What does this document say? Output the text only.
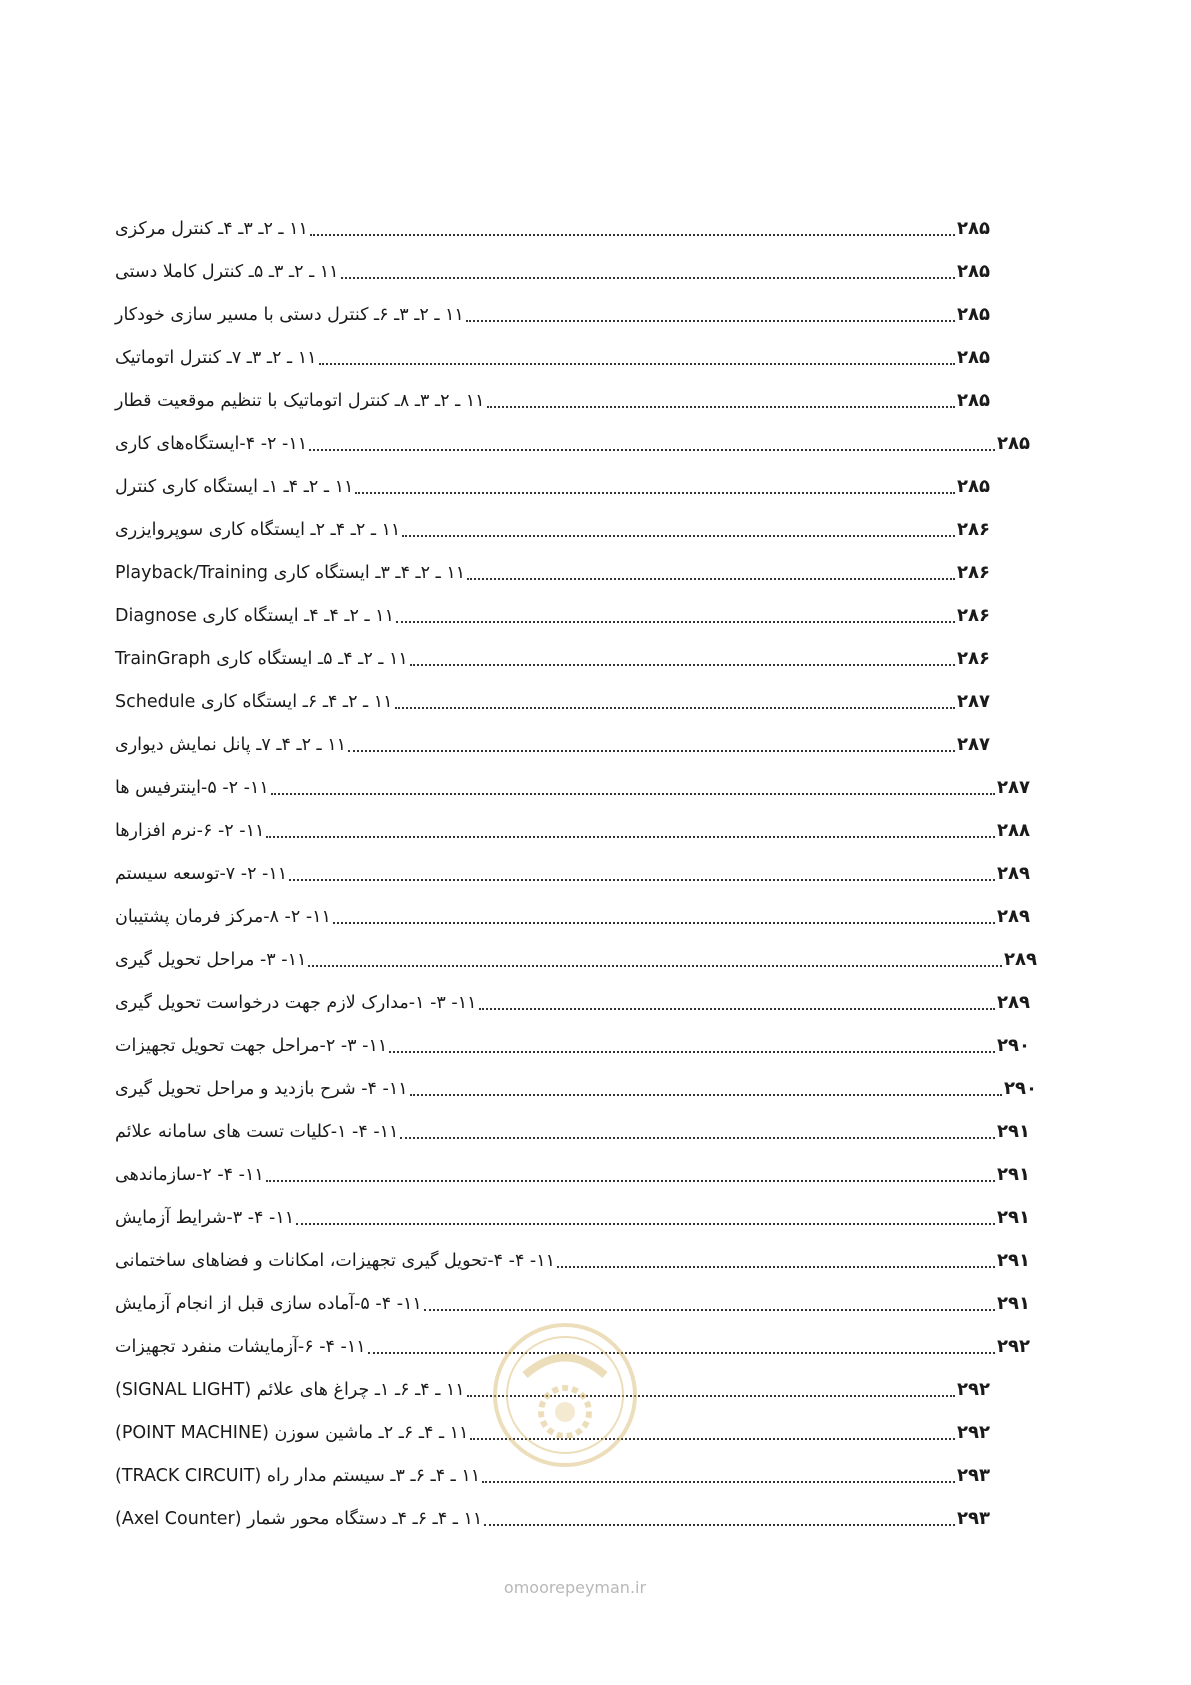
۱۱ ـ ۲ـ ۳ـ ۴ـ کنترل مرکزی	۲۸۵
۱۱ ـ ۲ـ ۳ـ ۵ـ کنترل کاملا دستی	۲۸۵
۱۱ ـ ۲ـ ۳ـ ۶ـ کنترل دستی با مسیر سازی خودکار	۲۸۵
۱۱ ـ ۲ـ ۳ـ ۷ـ کنترل اتوماتیک	۲۸۵
۱۱ ـ ۲ـ ۳ـ ۸ـ کنترل اتوماتیک با تنظیم موقعیت قطار	۲۸۵
۱۱- ۲- ۴-ایستگاه‌های کاری	۲۸۵
۱۱ ـ ۲ـ ۴ـ ۱ـ ایستگاه کاری کنترل	۲۸۵
۱۱ ـ ۲ـ ۴ـ ۲ـ ایستگاه کاری سوپروایزری	۲۸۶
۱۱ ـ ۲ـ ۴ـ ۳ـ ایستگاه کاری Playback/Training	۲۸۶
۱۱ ـ ۲ـ ۴ـ ۴ـ ایستگاه کاری Diagnose	۲۸۶
۱۱ ـ ۲ـ ۴ـ ۵ـ ایستگاه کاری TrainGraph	۲۸۶
۱۱ ـ ۲ـ ۴ـ ۶ـ ایستگاه کاری Schedule	۲۸۷
۱۱ ـ ۲ـ ۴ـ ۷ـ پانل نمایش دیواری	۲۸۷
۱۱- ۲- ۵-اینترفیس ها	۲۸۷
۱۱- ۲- ۶-نرم افزارها	۲۸۸
۱۱- ۲- ۷-توسعه سیستم	۲۸۹
۱۱- ۲- ۸-مرکز فرمان پشتیبان	۲۸۹
۱۱- ۳- مراحل تحویل گیری	۲۸۹
۱۱- ۳- ۱-مدارک لازم جهت درخواست تحویل گیری	۲۸۹
۱۱- ۳- ۲-مراحل جهت تحویل تجهیزات	۲۹۰
۱۱- ۴- شرح بازدید و مراحل تحویل گیری	۲۹۰
۱۱- ۴- ۱-کلیات تست های سامانه علائم	۲۹۱
۱۱- ۴- ۲-سازماندهی	۲۹۱
۱۱- ۴- ۳-شرایط آزمایش	۲۹۱
۱۱- ۴- ۴-تحویل گیری تجهیزات، امکانات و فضاهای ساختمانی	۲۹۱
۱۱- ۴- ۵-آماده سازی قبل از انجام آزمایش	۲۹۱
۱۱- ۴- ۶-آزمایشات منفرد تجهیزات	۲۹۲
۱۱ ـ ۴ـ ۶ـ ۱ـ چراغ های علائم (SIGNAL LIGHT)	۲۹۲
۱۱ ـ ۴ـ ۶ـ ۲ـ ماشین سوزن (POINT MACHINE)	۲۹۲
۱۱ ـ ۴ـ ۶ـ ۳ـ سیستم مدار راه (TRACK CIRCUIT)	۲۹۳
۱۱ ـ ۴ـ ۶ـ ۴ـ دستگاه محور شمار (Axel Counter)	۲۹۳
omoorepeyman.ir
